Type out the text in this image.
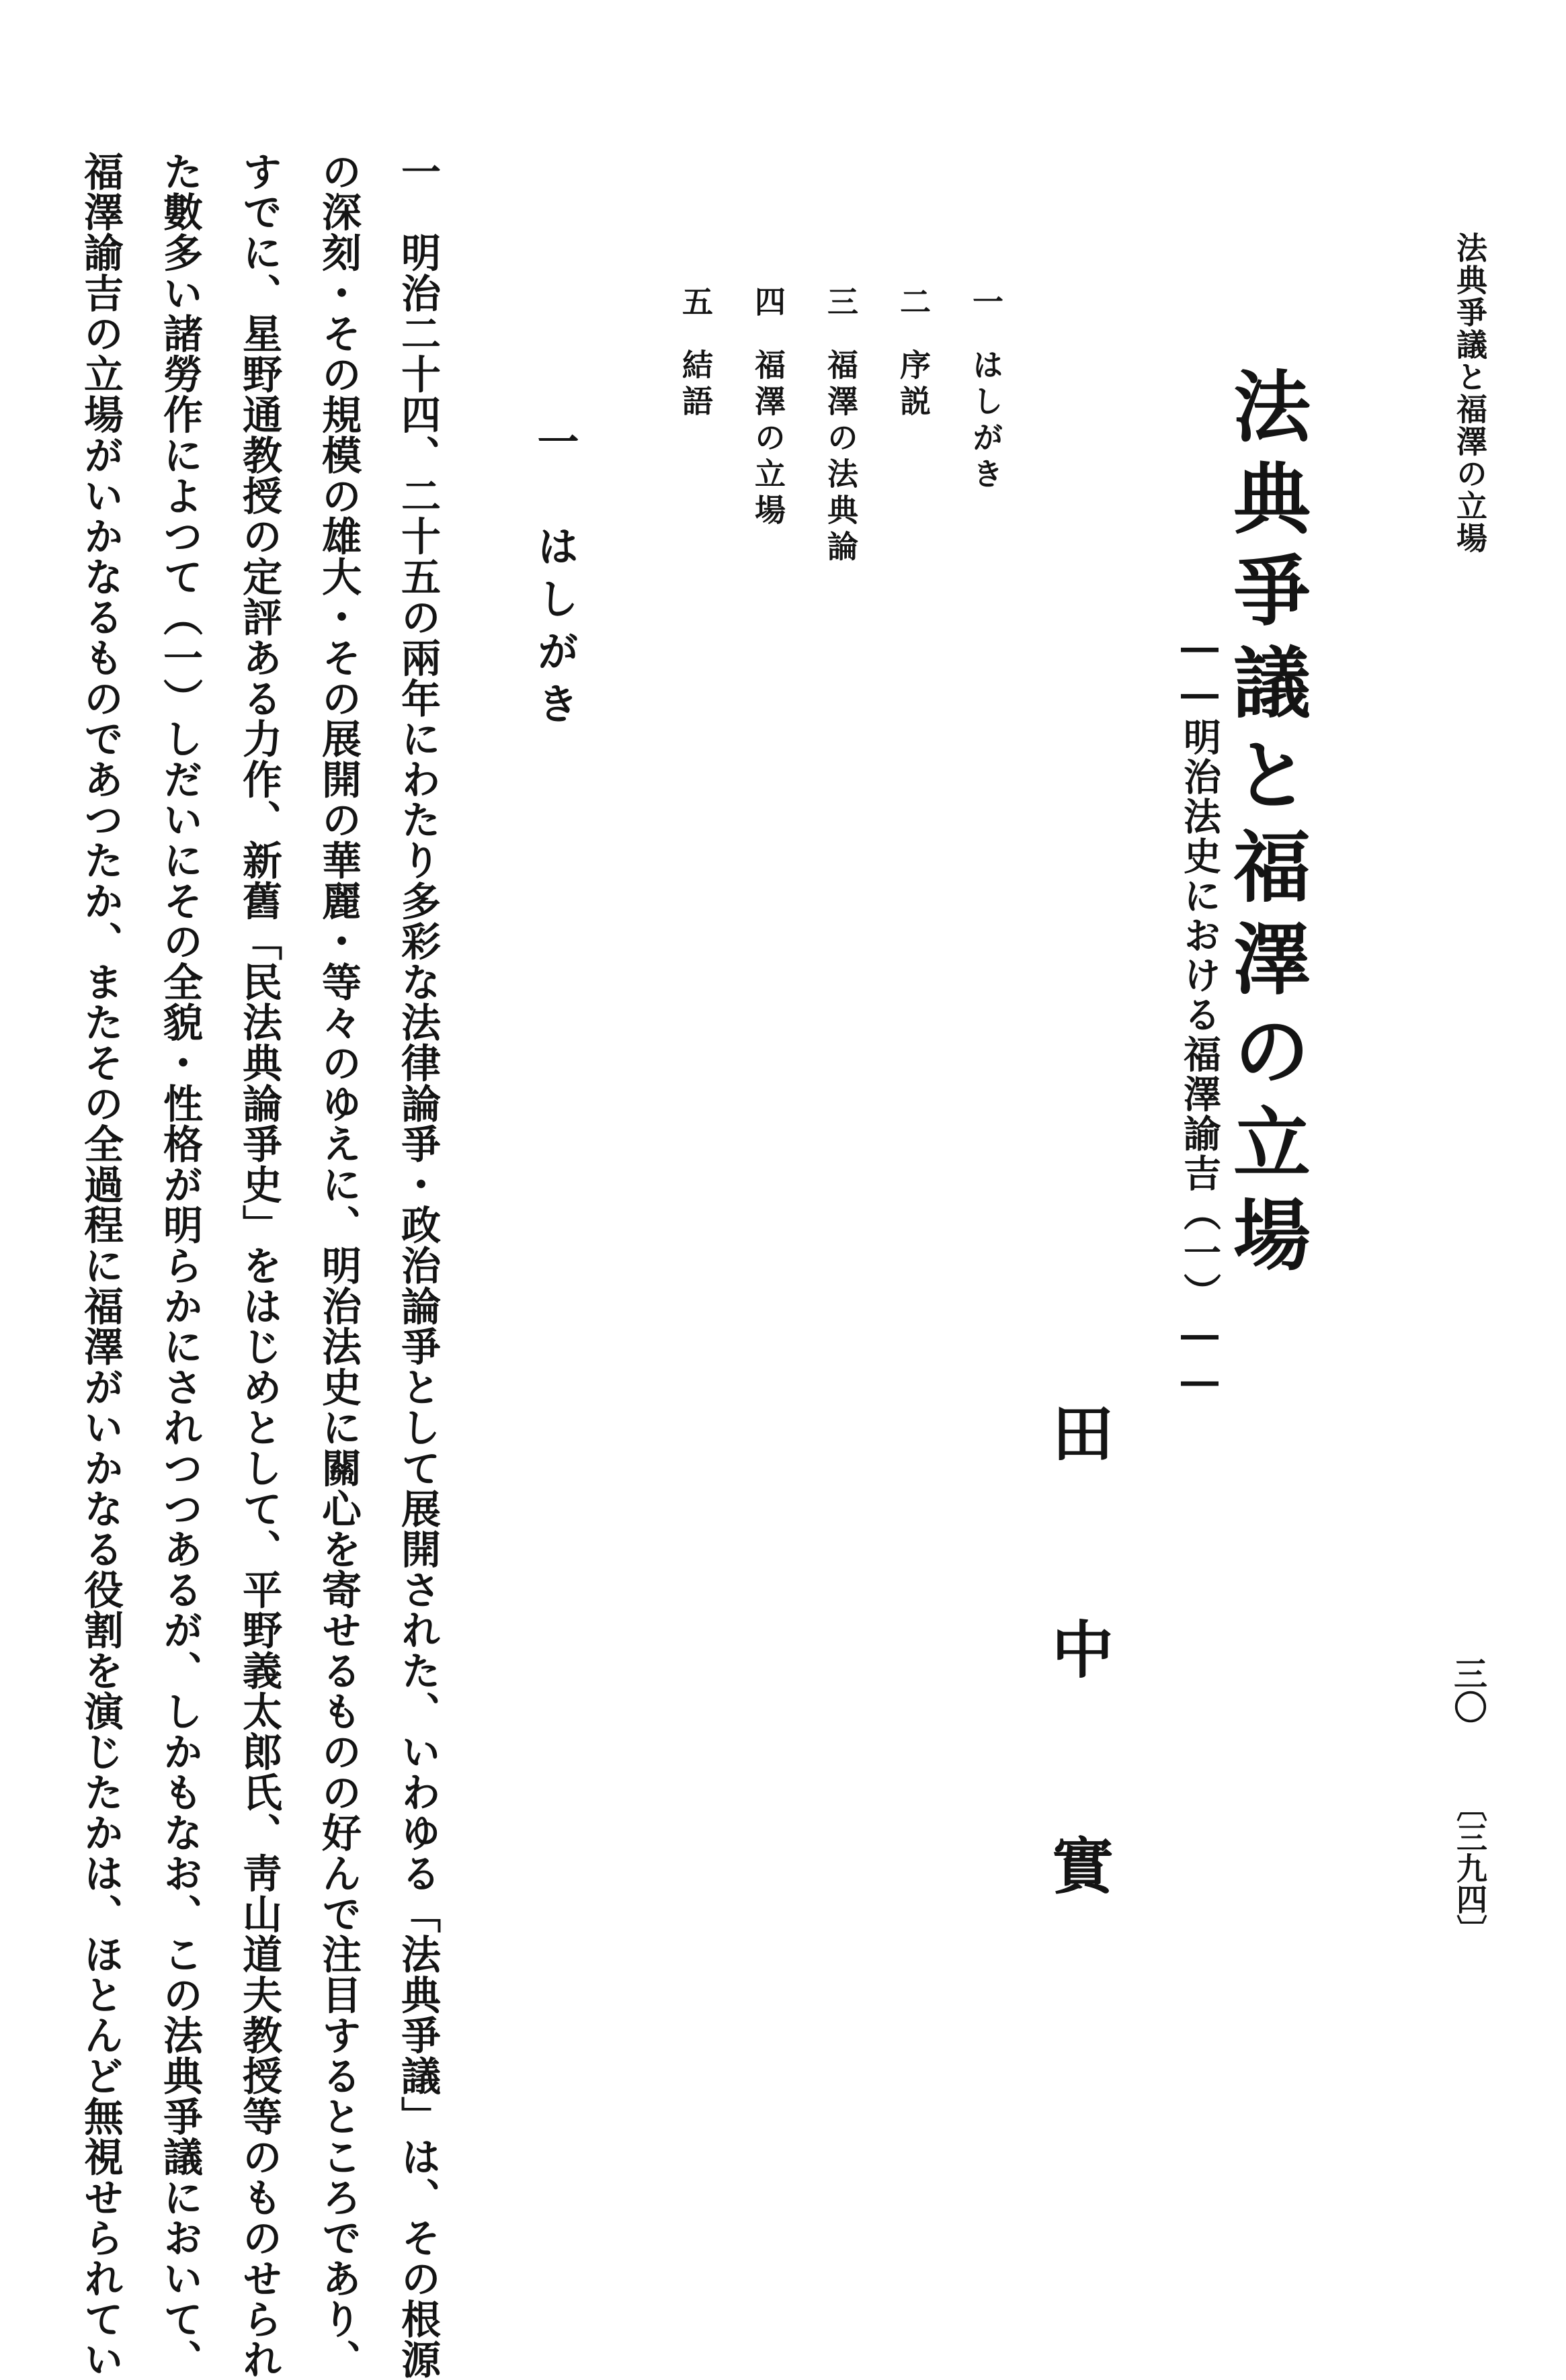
法典爭議と福澤の立場
三〇
〔三九四〕
法典爭議と福澤の立場
――明治法史における福澤諭吉（一）――
田中實
一はしがき
二序説
三福澤の法典論
四福澤の立場
五結語
一　はしがき

一　明治二十四、二十五の兩年にわたり多彩な法律論爭・政治論爭として展開された、いわゆる「法典爭議」は、その根源

の深刻・その規模の雄大・その展開の華麗・等々のゆえに、明治法史に關心を寄せるものの好んで注目するところであり、

すでに、星野通教授の定評ある力作、新舊「民法典論爭史」をはじめとして、平野義太郎氏、靑山道夫教授等のものせられ

た數多い諸勞作によつて（一）しだいにその全貌・性格が明らかにされつつあるが、しかもなお、この法典爭議において、

福澤諭吉の立場がいかなるものであつたか、またその全過程に福澤がいかなる役割を演じたかは、ほとんど無視せられてい
